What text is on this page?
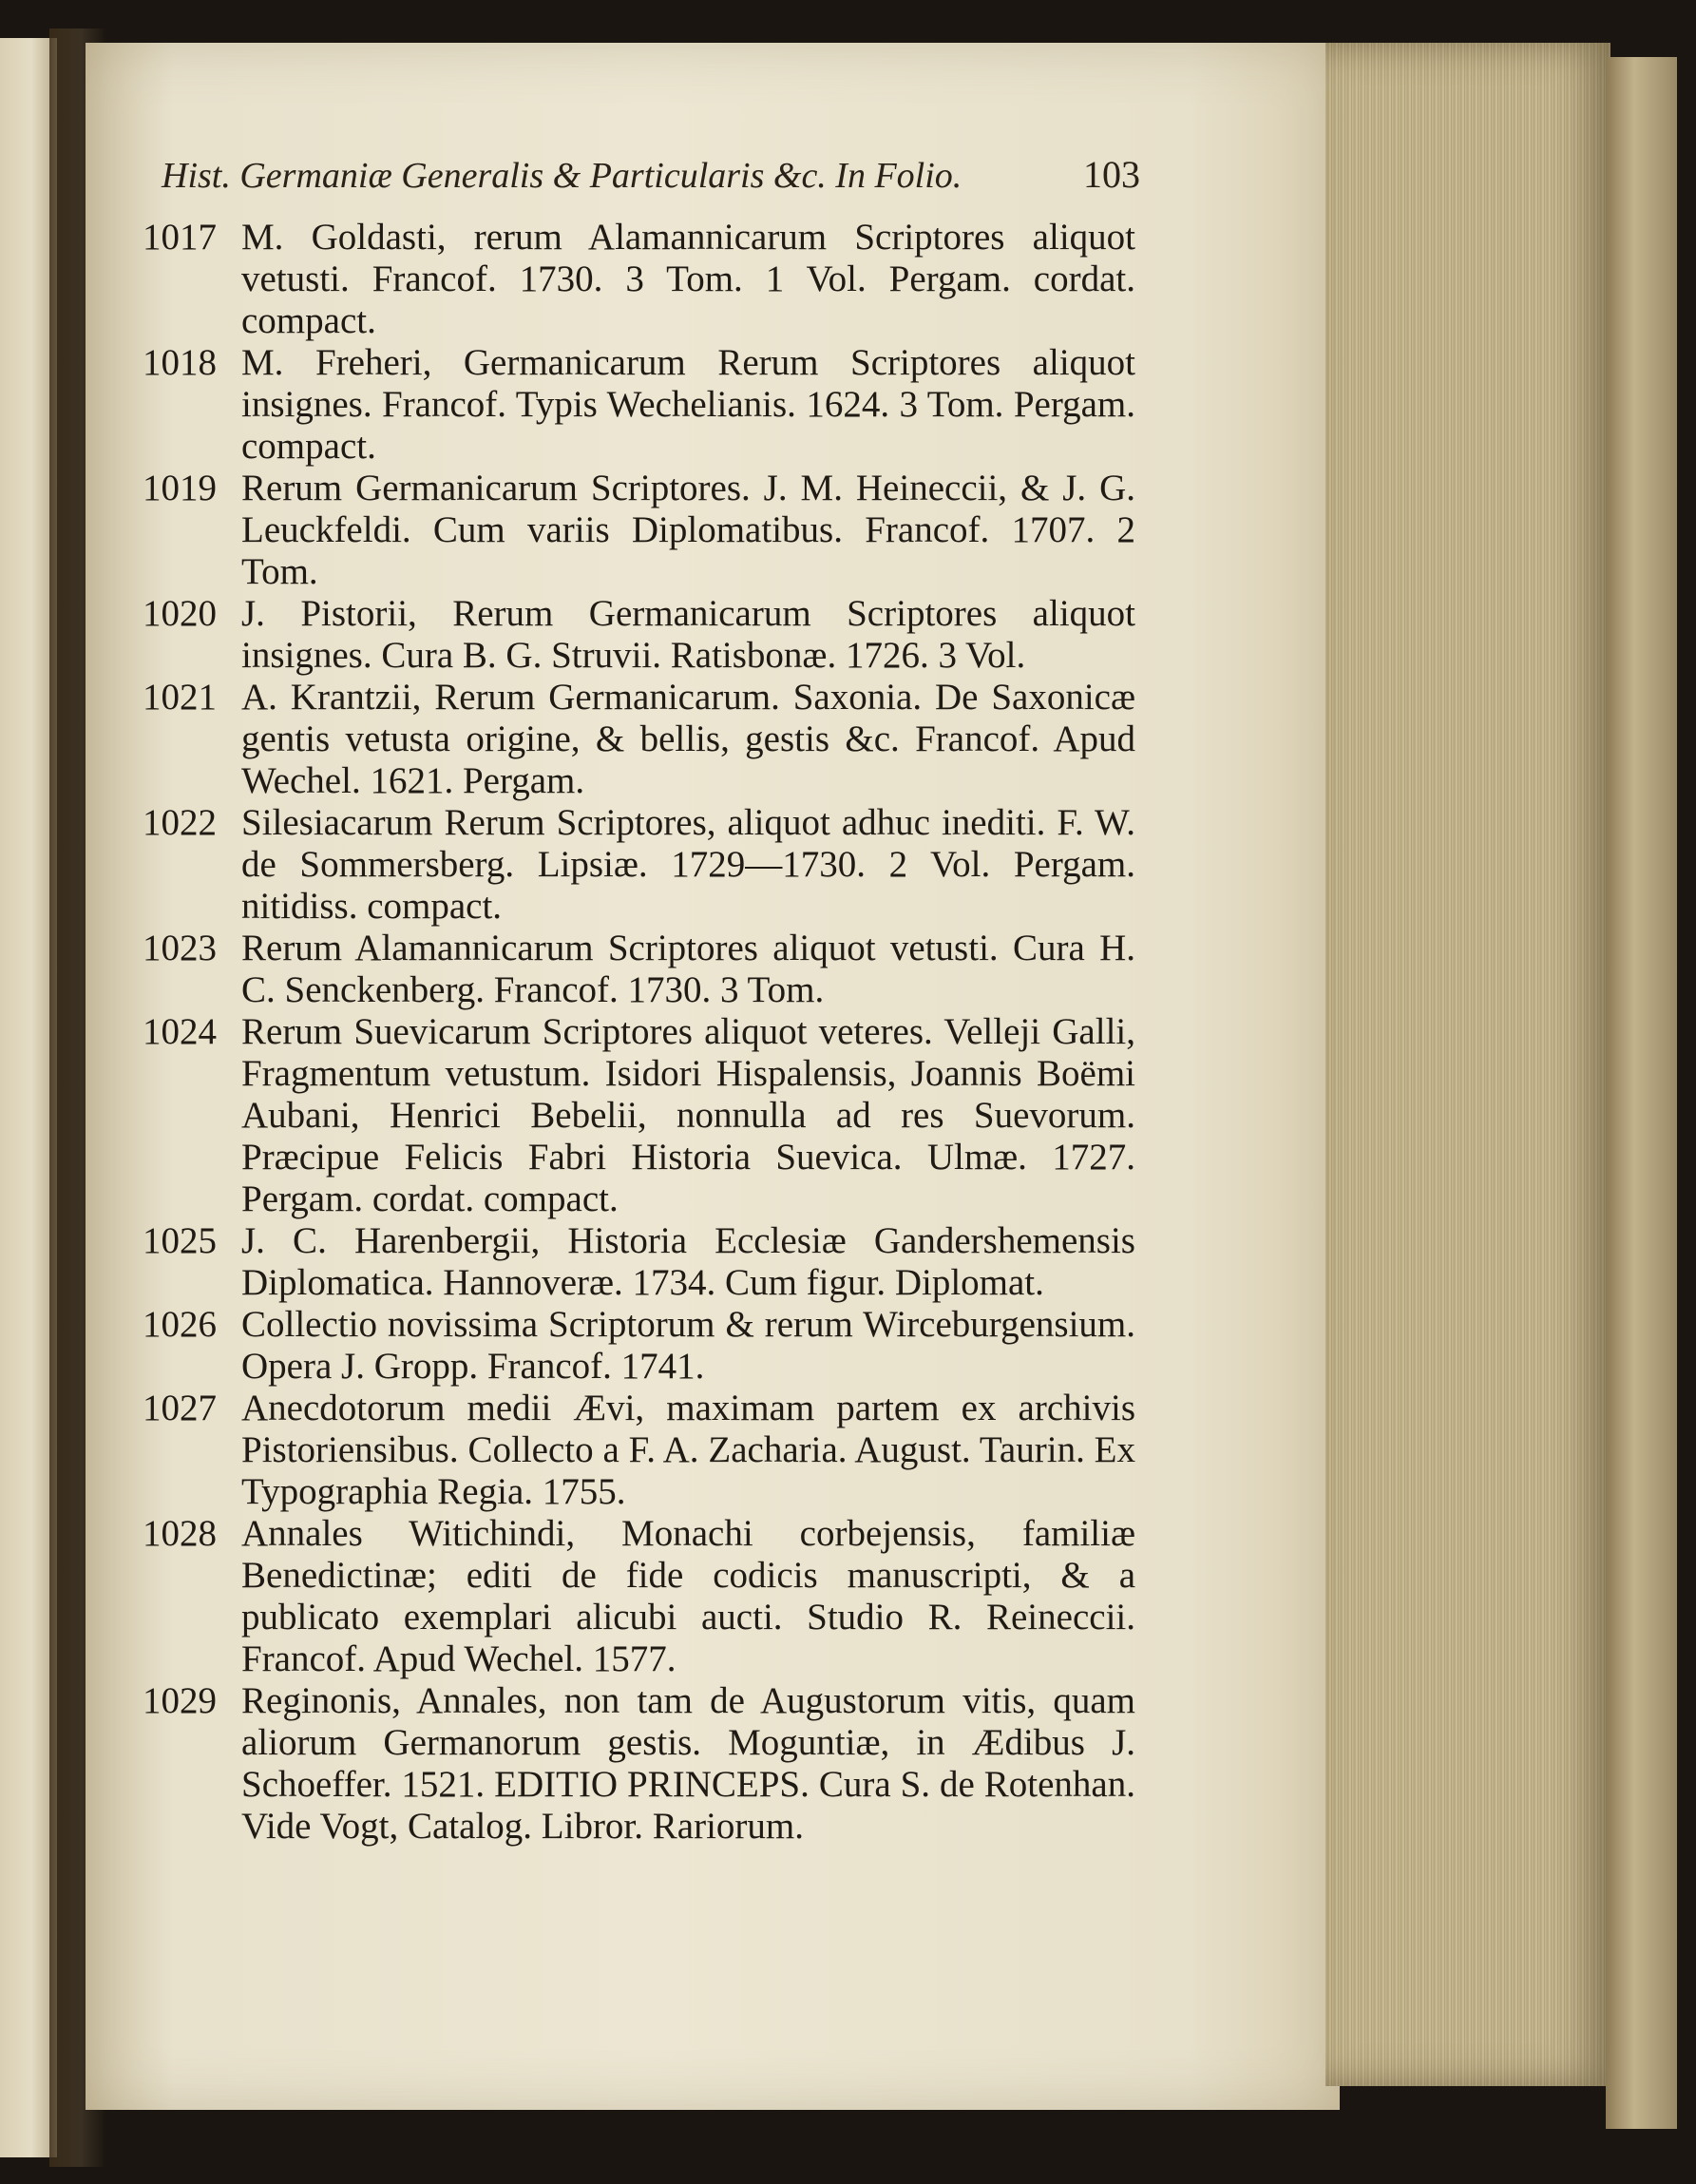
Hist. Germaniæ Generalis & Particularis &c. In Folio.	103
1017 M. Goldasti, rerum Alamannicarum Scriptores aliquot vetusti. Francof. 1730. 3 Tom. 1 Vol. Pergam. cordat. compact.
1018 M. Freheri, Germanicarum Rerum Scriptores aliquot insignes. Francof. Typis Wechelianis. 1624. 3 Tom. Pergam. compact.
1019 Rerum Germanicarum Scriptores. J. M. Heineccii, & J. G. Leuckfeldi. Cum variis Diplomatibus. Francof. 1707. 2 Tom.
1020 J. Pistorii, Rerum Germanicarum Scriptores aliquot insignes. Cura B. G. Struvii. Ratisbonæ. 1726. 3 Vol.
1021 A. Krantzii, Rerum Germanicarum. Saxonia. De Saxonicæ gentis vetusta origine, & bellis, gestis &c. Francof. Apud Wechel. 1621. Pergam.
1022 Silesiacarum Rerum Scriptores, aliquot adhuc inediti. F. W. de Sommersberg. Lipsiæ. 1729—1730. 2 Vol. Pergam. nitidiss. compact.
1023 Rerum Alamannicarum Scriptores aliquot vetusti. Cura H. C. Senckenberg. Francof. 1730. 3 Tom.
1024 Rerum Suevicarum Scriptores aliquot veteres. Velleji Galli, Fragmentum vetustum. Isidori Hispalensis, Joannis Boëmi Aubani, Henrici Bebelii, nonnulla ad res Suevorum. Præcipue Felicis Fabri Historia Suevica. Ulmæ. 1727. Pergam. cordat. compact.
1025 J. C. Harenbergii, Historia Ecclesiæ Gandershemensis Diplomatica. Hannoveræ. 1734. Cum figur. Diplomat.
1026 Collectio novissima Scriptorum & rerum Wirceburgensium. Opera J. Gropp. Francof. 1741.
1027 Anecdotorum medii Ævi, maximam partem ex archivis Pistoriensibus. Collecto a F. A. Zacharia. August. Taurin. Ex Typographia Regia. 1755.
1028 Annales Witichindi, Monachi corbejensis, familiæ Benedictinæ; editi de fide codicis manuscripti, & a publicato exemplari alicubi aucti. Studio R. Reineccii. Francof. Apud Wechel. 1577.
1029 Reginonis, Annales, non tam de Augustorum vitis, quam aliorum Germanorum gestis. Moguntiæ, in Ædibus J. Schoeffer. 1521. EDITIO PRINCEPS. Cura S. de Rotenhan. Vide Vogt, Catalog. Libror. Rariorum.
